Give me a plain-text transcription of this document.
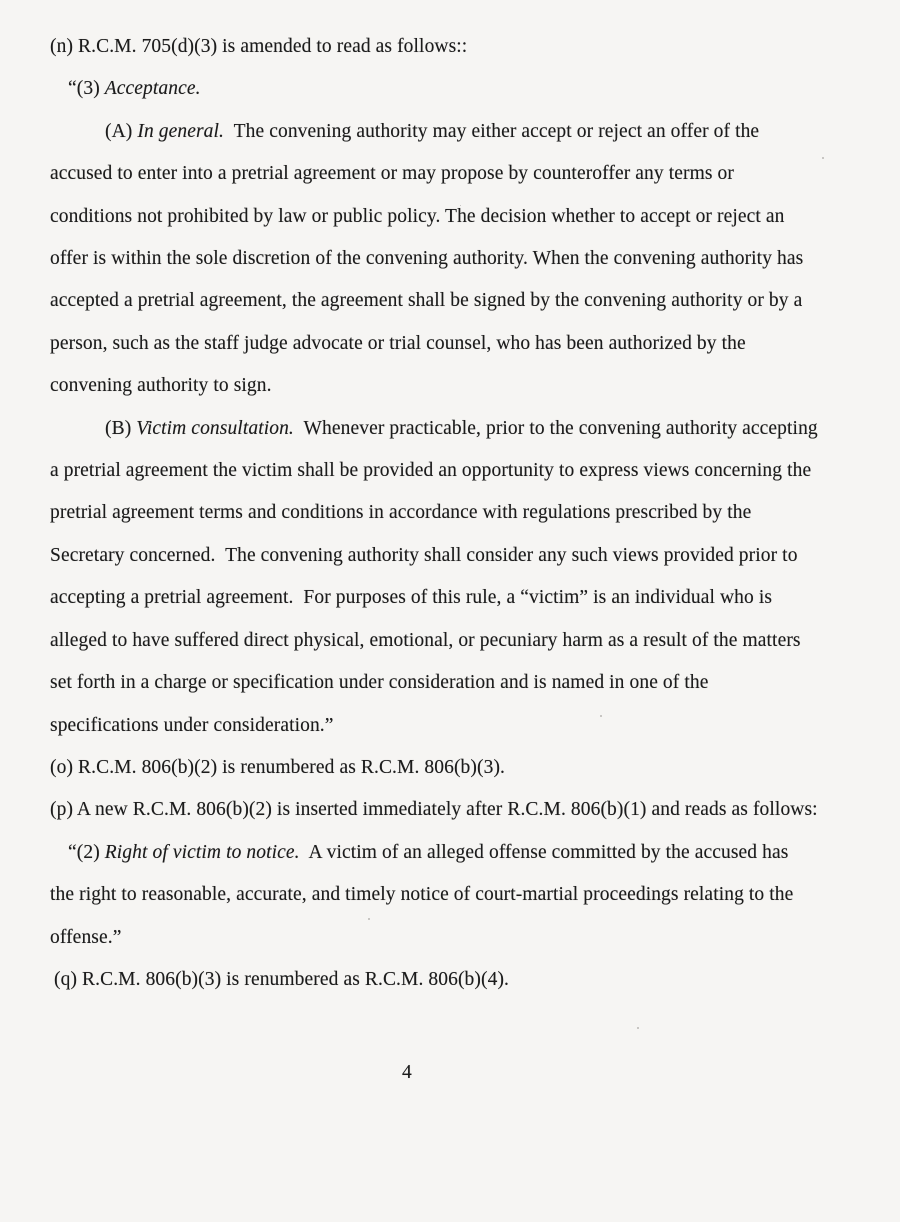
(n) R.C.M. 705(d)(3) is amended to read as follows::
“(3) Acceptance.
(A) In general.  The convening authority may either accept or reject an offer of the
accused to enter into a pretrial agreement or may propose by counteroffer any terms or
conditions not prohibited by law or public policy. The decision whether to accept or reject an
offer is within the sole discretion of the convening authority. When the convening authority has
accepted a pretrial agreement, the agreement shall be signed by the convening authority or by a
person, such as the staff judge advocate or trial counsel, who has been authorized by the
convening authority to sign.
(B) Victim consultation.  Whenever practicable, prior to the convening authority accepting
a pretrial agreement the victim shall be provided an opportunity to express views concerning the
pretrial agreement terms and conditions in accordance with regulations prescribed by the
Secretary concerned.  The convening authority shall consider any such views provided prior to
accepting a pretrial agreement.  For purposes of this rule, a “victim” is an individual who is
alleged to have suffered direct physical, emotional, or pecuniary harm as a result of the matters
set forth in a charge or specification under consideration and is named in one of the
specifications under consideration.”
(o) R.C.M. 806(b)(2) is renumbered as R.C.M. 806(b)(3).
(p) A new R.C.M. 806(b)(2) is inserted immediately after R.C.M. 806(b)(1) and reads as follows:
“(2) Right of victim to notice.  A victim of an alleged offense committed by the accused has
the right to reasonable, accurate, and timely notice of court-martial proceedings relating to the
offense.”
(q) R.C.M. 806(b)(3) is renumbered as R.C.M. 806(b)(4).
4
